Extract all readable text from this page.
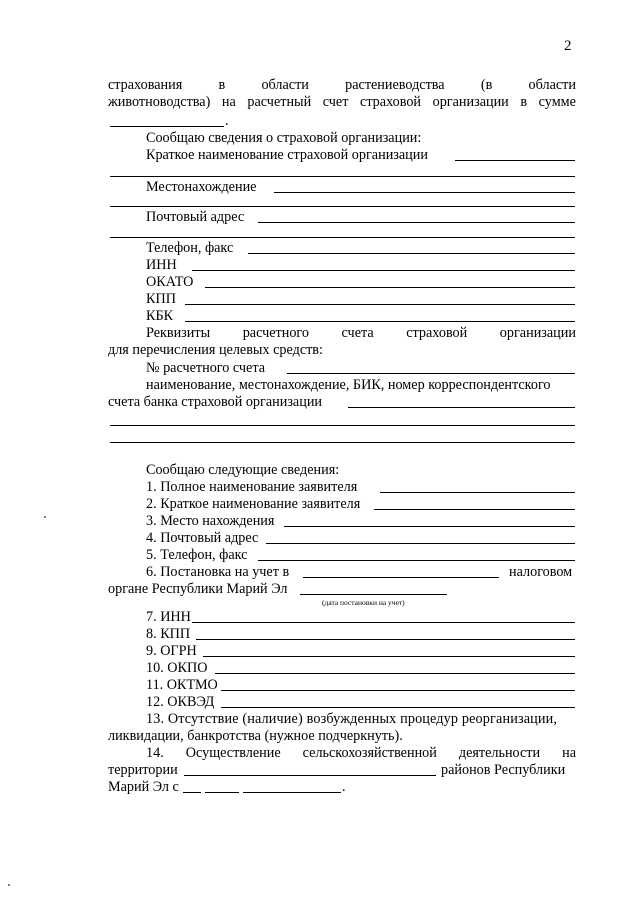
2
страхования	в	области	растениеводства	(в	области
животноводства) на расчетный счет страховой организации в сумме
.
Сообщаю сведения о страховой организации:
Краткое наименование страховой организации
Местонахождение
Почтовый адрес
Телефон, факс
ИНН
ОКАТО
КПП
КБК
Реквизиты расчетного счета страховой организации
для перечисления целевых средств:
№ расчетного счета
наименование, местонахождение, БИК, номер корреспондентского
счета банка страховой организации
Сообщаю следующие сведения:
1. Полное наименование заявителя
2. Краткое наименование заявителя
3. Место нахождения
4. Почтовый адрес
5. Телефон, факс
6. Постановка на учет в	налоговом
органе Республики Марий Эл
(дата постановки на учет)
7. ИНН
8. КПП
9. ОГРН
10. ОКПО
11. ОКТМО
12. ОКВЭД
13. Отсутствие (наличие) возбужденных процедур реорганизации,
ликвидации, банкротства (нужное подчеркнуть).
14. Осуществление сельскохозяйственной деятельности на
территории	районов Республики
Марий Эл с	.
